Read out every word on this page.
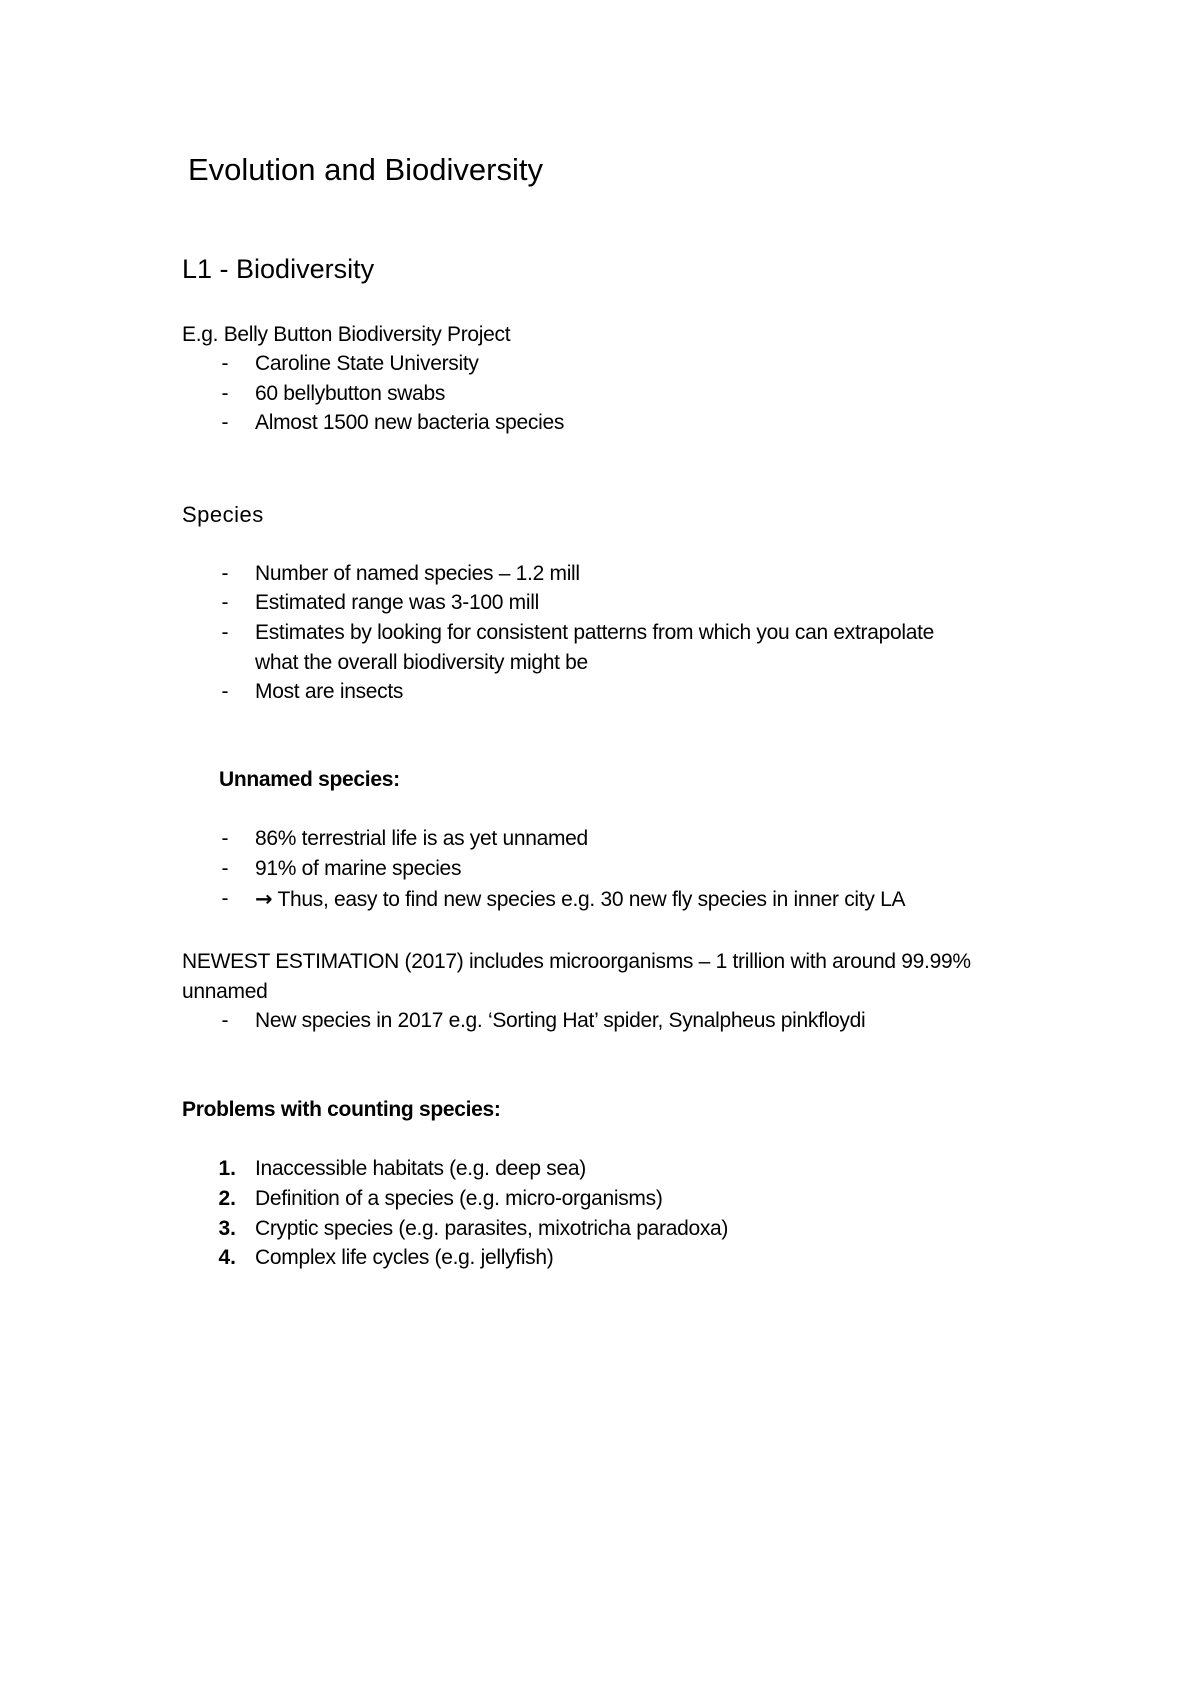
Evolution and Biodiversity
L1 - Biodiversity

E.g. Belly Button Biodiversity Project

-	Caroline State University

-	60 bellybutton swabs

-	Almost 1500 new bacteria species

Species

-	Number of named species – 1.2 mill

-	Estimated range was 3-100 mill

-	Estimates by looking for consistent patterns from which you can extrapolate

what the overall biodiversity might be

-	Most are insects

Unnamed species:

-	86% terrestrial life is as yet unnamed

-	91% of marine species

-	→ Thus, easy to find new species e.g. 30 new fly species in inner city LA

NEWEST ESTIMATION (2017) includes microorganisms – 1 trillion with around 99.99%

unnamed

-	New species in 2017 e.g. ‘Sorting Hat’ spider, Synalpheus pinkfloydi

Problems with counting species:

1. Inaccessible habitats (e.g. deep sea)

2. Definition of a species (e.g. micro-organisms)

3. Cryptic species (e.g. parasites, mixotricha paradoxa)

4. Complex life cycles (e.g. jellyfish)
